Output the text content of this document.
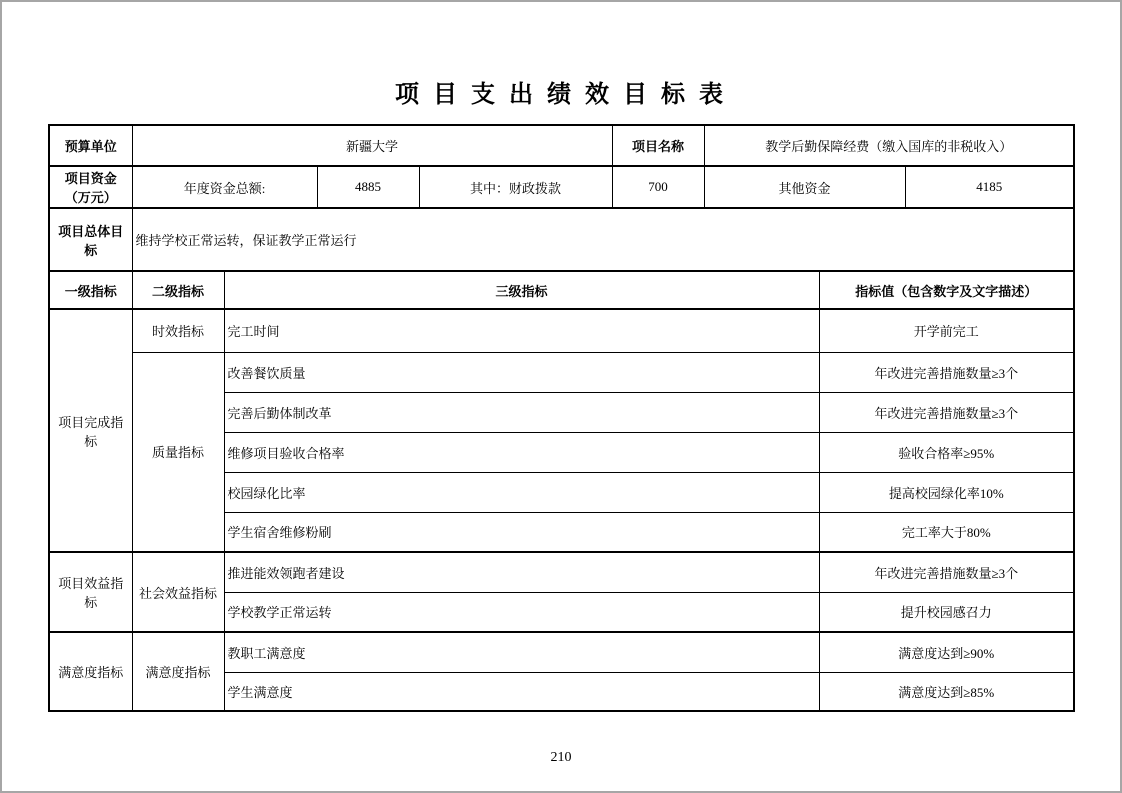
项 目 支 出 绩 效 目 标 表
预算单位	新疆大学				项目名称	教学后勤保障经费（缴入国库的非税收入）		
项目资金（万元）	年度资金总额:		4885	其中：财政拨款	700	其他资金		4185
项目总体目标	维持学校正常运转，保证教学正常运行							
一级指标	二级指标	三级指标					指标值（包含数字及文字描述）	
项目完成指标	时效指标	完工时间					开学前完工	
	质量指标	改善餐饮质量					年改进完善措施数量≥3个	
		完善后勤体制改革					年改进完善措施数量≥3个	
		维修项目验收合格率					验收合格率≥95%	
		校园绿化比率					提高校园绿化率10%	
		学生宿舍维修粉刷					完工率大于80%	
项目效益指标	社会效益指标	推进能效领跑者建设					年改进完善措施数量≥3个	
		学校教学正常运转					提升校园感召力	
满意度指标	满意度指标	教职工满意度					满意度达到≥90%	
		学生满意度					满意度达到≥85%	
210
